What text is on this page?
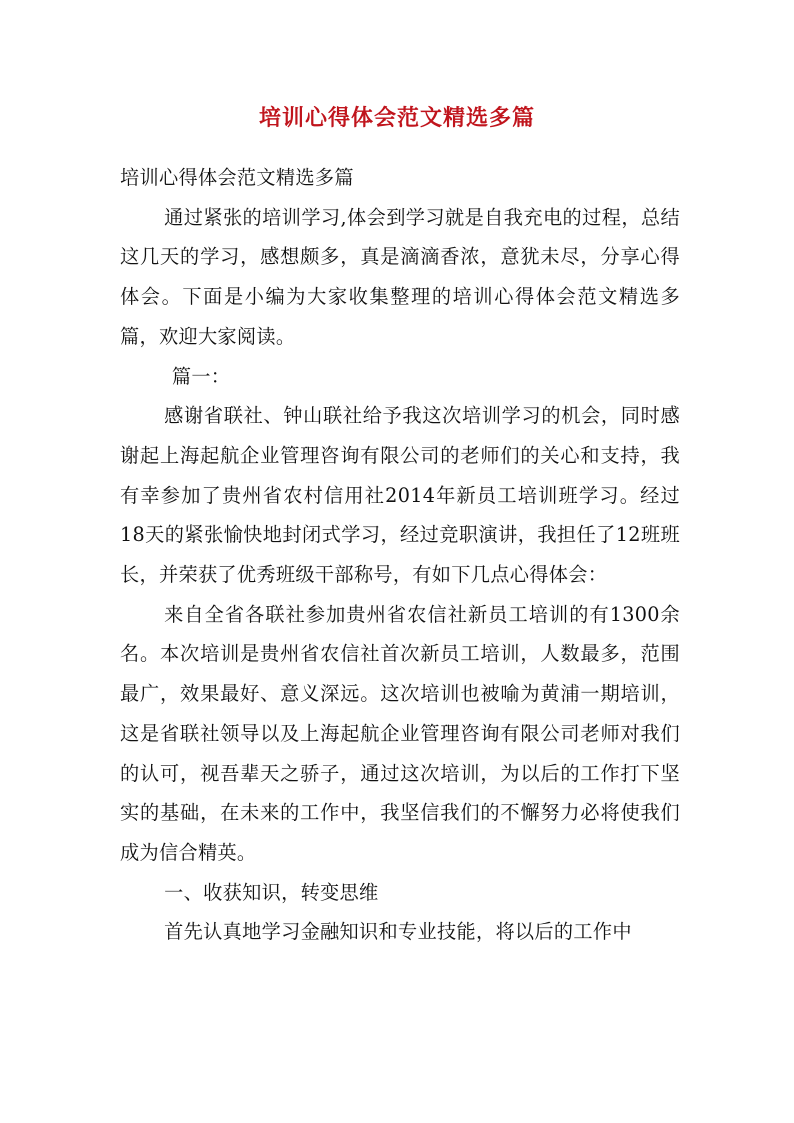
培训心得体会范文精选多篇

培训心得体会范文精选多篇

通过紧张的培训学习,体会到学习就是自我充电的过程，总结这几天的学习，感想颇多，真是滴滴香浓，意犹未尽，分享心得体会。下面是小编为大家收集整理的培训心得体会范文精选多篇，欢迎大家阅读。

篇一：

感谢省联社、钟山联社给予我这次培训学习的机会，同时感谢起上海起航企业管理咨询有限公司的老师们的关心和支持，我有幸参加了贵州省农村信用社2014年新员工培训班学习。经过18天的紧张愉快地封闭式学习，经过竞职演讲，我担任了12班班长，并荣获了优秀班级干部称号，有如下几点心得体会：

来自全省各联社参加贵州省农信社新员工培训的有1300余名。本次培训是贵州省农信社首次新员工培训，人数最多，范围最广，效果最好、意义深远。这次培训也被喻为黄浦一期培训，这是省联社领导以及上海起航企业管理咨询有限公司老师对我们的认可，视吾辈天之骄子，通过这次培训，为以后的工作打下坚实的基础，在未来的工作中，我坚信我们的不懈努力必将使我们成为信合精英。

一、收获知识，转变思维

首先认真地学习金融知识和专业技能，将以后的工作中
